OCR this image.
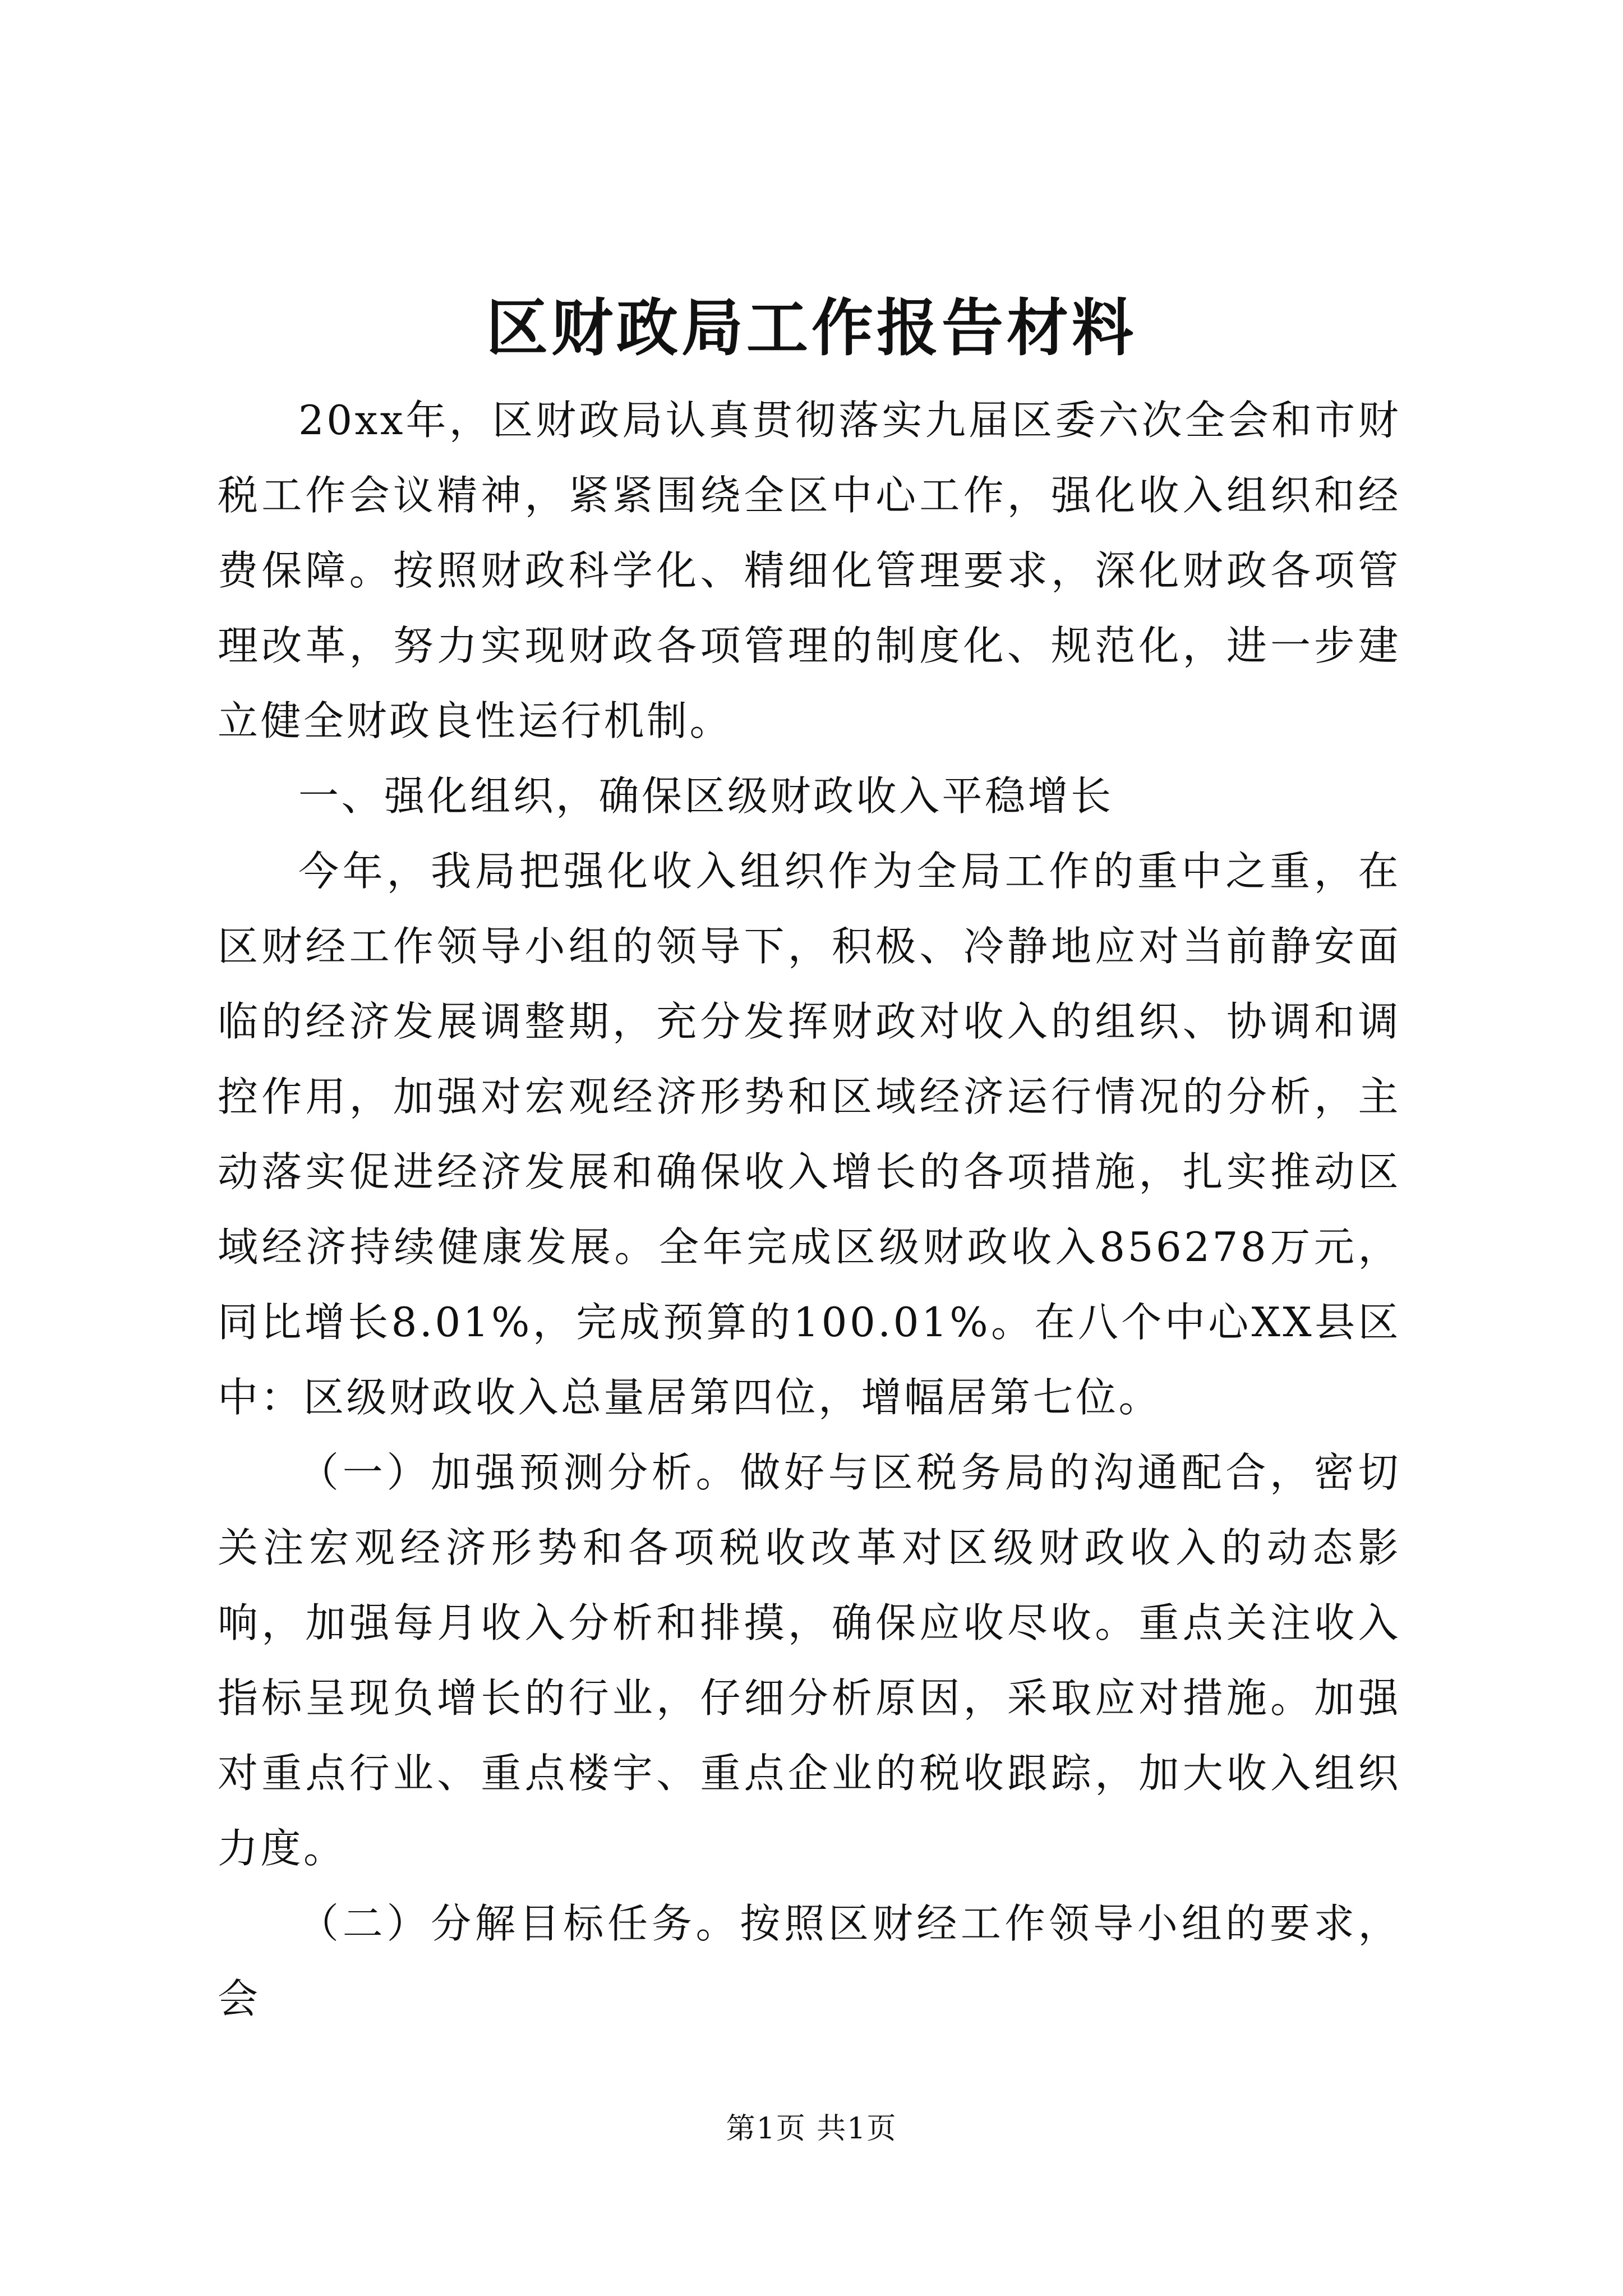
区财政局工作报告材料

20xx年，区财政局认真贯彻落实九届区委六次全会和市财税工作会议精神，紧紧围绕全区中心工作，强化收入组织和经费保障。按照财政科学化、精细化管理要求，深化财政各项管理改革，努力实现财政各项管理的制度化、规范化，进一步建立健全财政良性运行机制。

一、强化组织，确保区级财政收入平稳增长

今年，我局把强化收入组织作为全局工作的重中之重，在区财经工作领导小组的领导下，积极、冷静地应对当前静安面临的经济发展调整期，充分发挥财政对收入的组织、协调和调控作用，加强对宏观经济形势和区域经济运行情况的分析，主动落实促进经济发展和确保收入增长的各项措施，扎实推动区域经济持续健康发展。全年完成区级财政收入856278万元，同比增长8.01%，完成预算的100.01%。在八个中心XX县区中：区级财政收入总量居第四位，增幅居第七位。

（一）加强预测分析。做好与区税务局的沟通配合，密切关注宏观经济形势和各项税收改革对区级财政收入的动态影响，加强每月收入分析和排摸，确保应收尽收。重点关注收入指标呈现负增长的行业，仔细分析原因，采取应对措施。加强对重点行业、重点楼宇、重点企业的税收跟踪，加大收入组织力度。

（二）分解目标任务。按照区财经工作领导小组的要求，会

第1页 共1页
